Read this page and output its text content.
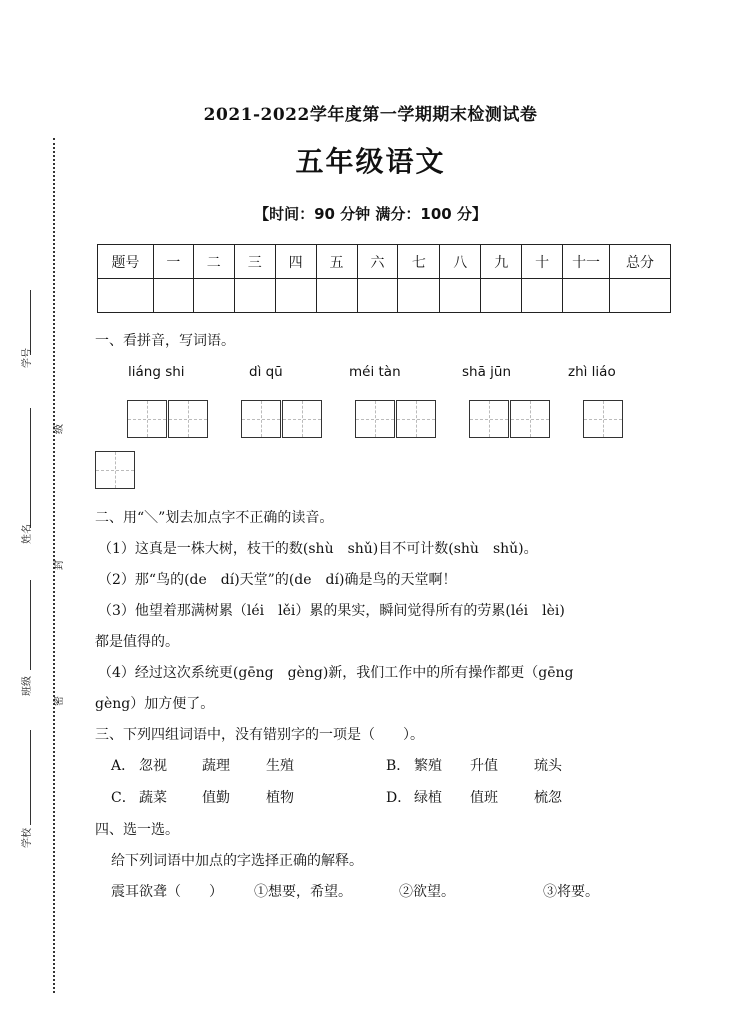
学号
级
姓名
封
班级
密
学校
2021-2022学年度第一学期期末检测试卷
五年级语文
【时间：90 分钟 满分：100 分】
题号	一	二	三	四	五	六	七	八	九	十	十一	总分

一、看拼音，写词语。
liáng shi	dì qū	méi tàn	shā jūn	zhì liáo
二、用“＼”划去加点字不正确的读音。
（1）这真是一株大树，枝干的数(shù　shǔ)目不可计数(shù　shǔ)。
（2）那“鸟的(de　dí)天堂”的(de　dí)确是鸟的天堂啊！
（3）他望着那满树累（léi　lěi）累的果实，瞬间觉得所有的劳累(léi　lèi)
都是值得的。
（4）经过这次系统更(gēng　gèng)新，我们工作中的所有操作都更（gēng
gèng）加方便了。
三、下列四组词语中，没有错别字的一项是（　　）。
A． 忽视	蔬理	生殖	B． 繁殖 升值	琉头
C． 蔬菜	值勤	植物	D． 绿植 值班	梳忽
四、选一选。
给下列词语中加点的字选择正确的解释。
震耳欲聋（　　） ①想要，希望。	②欲望。	③将要。
